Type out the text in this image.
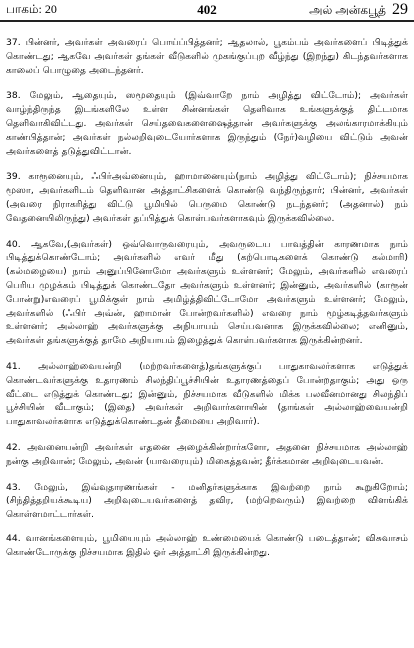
பாகம்: 20	402	அல் அன்கபூத் 29

37. பின்னர், அவர்கள் அவரைப் பொய்ப்பித்தனர்; ஆதலால், பூகம்பம் அவர்களைப் பிடித்துக் கொண்டது; ஆகவே அவர்கள் தங்கள் வீடுகளில் முகங்குப்புற வீழ்ந்து (இறந்து) கிடந்தவர்களாக காலைப் பொழுதை அடைந்தனர்.

38. மேலும், ஆதையும், ஸமூதையும் (இவ்வாறே நாம் அழித்து விட்டோம்); அவர்கள் வாழ்ந்திருந்த இடங்களிலே உள்ள சின்னங்கள் தெளிவாக உங்களுக்குத் திட்டமாக தெளிவாகிவிட்டது. அவர்கள் செய்தவைகளைஷைத்தான் அவர்களுக்கு அலங்காரமாக்கியும் காண்பித்தான்; அவர்கள் நல்லறிவுடையோர்களாக இருந்தும் (நேர்)வழியை விட்டும் அவன் அவர்களைத் தடுத்துவிட்டான்.

39. காரூனையும், ஃபிர்அவ்னையும், ஹாமானையும்(நாம் அழித்து விட்டோம்); நிச்சயமாக மூஸா, அவர்களிடம் தெளிவான அத்தாட்சிகளைக் கொண்டு வந்திருந்தார்; பின்னர், அவர்கள் (அவரை நிராகரித்து விட்டு பூமியில் பெருமை கொண்டு நடந்தனர்; (அதனால்) நம் வேதனையிலிருந்து) அவர்கள் தப்பித்துக் கொள்பவர்களாகவும் இருக்கவில்லை.

40. ஆகவே,(அவர்கள்) ஒவ்வொருவரையும், அவருடைய பாவத்தின் காரணமாக நாம் பிடித்துக்கொண்டோம்; அவர்களில் எவர் மீது (கற்பொடிகளைக் கொண்டு கல்மாரி) (கல்மழையை) நாம் அனுப்பினோமோ அவர்களும் உள்ளனர்; மேலும், அவர்களில் எவரைப் பெரிய முழக்கம் பிடித்துக் கொண்டதோ அவர்களும் உள்ளனர்; இன்னும், அவர்களில் (காரூன் போன்று)எவரைப் பூமிக்குள் நாம் அமிழ்த்திவிட்டோமோ அவர்களும் உள்ளனர்; மேலும், அவர்களில் (ஃபிர் அவ்ன், ஹாமான் போன்றவர்களில்) எவரை நாம் மூழ்கடித்தவர்களும் உள்ளனர்; அல்லாஹ் அவர்களுக்கு அநியாயம் செய்பவனாக இருக்கவில்லை; எனினும், அவர்கள் தங்களுக்குத் தாமே அநியாயம் இழைத்துக் கொள்பவர்களாக இருக்கின்றனர்.

41. அல்லாஹ்வையன்றி (மற்றவர்களைத்)தங்களுக்குப் பாதுகாவலர்களாக எடுத்துக் கொண்டவர்களுக்கு உதாரணம் சிலந்திப்பூச்சியின் உதாரணத்தைப் போன்றதாகும்; அது ஒரு வீட்டை எடுத்துக் கொண்டது; இன்னும், நிச்சயமாக வீடுகளில் மிக்க பலவீனமானது சிலந்திப் பூச்சியின் வீடாகும்; (இதை) அவர்கள் அறிவார்களாயின் (தாங்கள் அல்லாஹ்வையன்றி பாதுகாவலர்களாக எடுத்துக்கொண்டதன் தீமையை அறிவார்).

42. அவனையன்றி அவர்கள் எதனை அழைக்கின்றார்களோ, அதனை நிச்சயமாக அல்லாஹ் நன்கு அறிவான்; மேலும், அவன் (யாவரையும்) மிகைத்தவன்; தீர்க்கமான அறிவுடையவன்.

43. மேலும், இவ்வுதாரணங்கள் - மனிதர்களுக்காக இவற்றை நாம் கூறுகிறோம்; (சிந்தித்தறியக்கூடிய) அறிவுடையவர்களைத் தவிர, (மற்றெவரும்) இவற்றை விளங்கிக் கொள்ளமாட்டார்கள்.

44. வானங்களையும், பூமியையும் அல்லாஹ் உண்மையைக் கொண்டு படைத்தான்; விசுவாசம் கொண்டோருக்கு நிச்சயமாக இதில் ஓர் அத்தாட்சி இருக்கின்றது.
